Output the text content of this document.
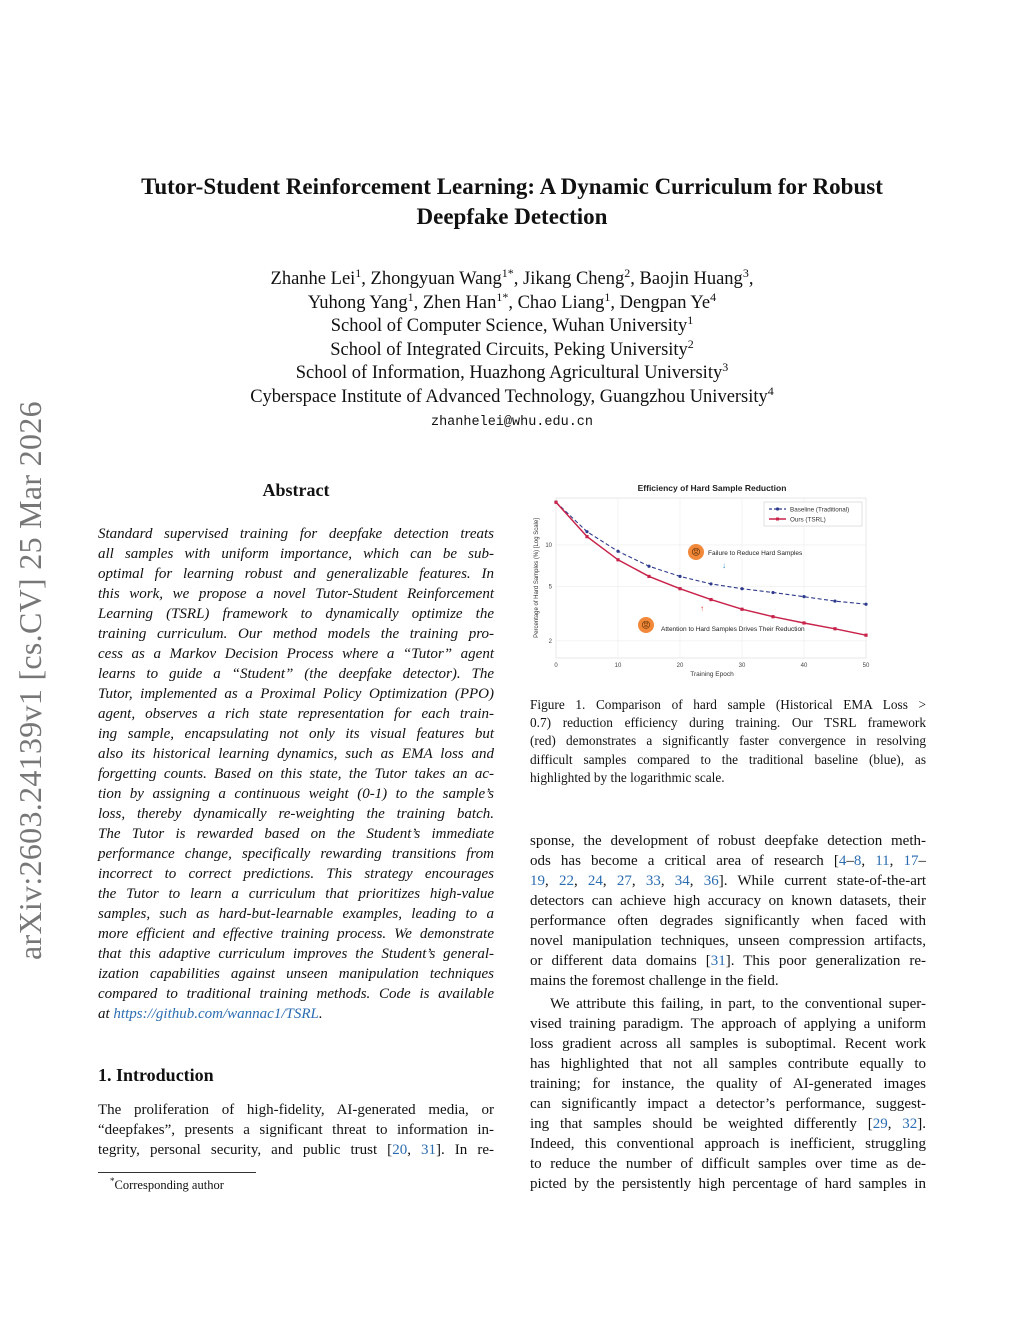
Tutor-Student Reinforcement Learning: A Dynamic Curriculum for Robust
Deepfake Detection
Zhanhe Lei$^1$, Zhongyuan Wang$^{1*}$, Jikang Cheng$^2$, Baojin Huang$^3$,
Yuhong Yang$^1$, Zhen Han$^{1*}$, Chao Liang$^1$, Dengpan Ye$^4$
School of Computer Science, Wuhan University$^1$
School of Integrated Circuits, Peking University$^2$
School of Information, Huazhong Agricultural University$^3$
Cyberspace Institute of Advanced Technology, Guangzhou University$^4$
zhanhelei@whu.edu.cn
arXiv:2603.24139v1 [cs.CV] 25 Mar 2026	Abstract
Standard supervised training for deepfake detection treats
all samples with uniform importance, which can be sub-
optimal for learning robust and generalizable features. In
this work, we propose a novel Tutor-Student Reinforcement
Learning (TSRL) framework to dynamically optimize the
training curriculum. Our method models the training pro-
cess as a Markov Decision Process where a “Tutor” agent
learns to guide a “Student” (the deepfake detector). The
Tutor, implemented as a Proximal Policy Optimization (PPO)
agent, observes a rich state representation for each train-
ing sample, encapsulating not only its visual features but
also its historical learning dynamics, such as EMA loss and
forgetting counts. Based on this state, the Tutor takes an ac-
tion by assigning a continuous weight (0-1) to the sample’s
loss, thereby dynamically re-weighting the training batch.
The Tutor is rewarded based on the Student’s immediate
performance change, specifically rewarding transitions from
incorrect to correct predictions. This strategy encourages
the Tutor to learn a curriculum that prioritizes high-value
samples, such as hard-but-learnable examples, leading to a
more efficient and effective training process. We demonstrate
that this adaptive curriculum improves the Student’s general-
ization capabilities against unseen manipulation techniques
compared to traditional training methods. Code is available
at https://github.com/wannac1/TSRL.
1. Introduction
The proliferation of high-fidelity, AI-generated media, or
“deepfakes”, presents a significant threat to information in-
tegrity, personal security, and public trust [20, 31]. In re-
*Corresponding author
Efficiency of Hard Sample Reduction
0	10	20	30	40	50
2
5
10
Training Epoch
Percentage of Hard Samples (%) [Log Scale]
Baseline (Traditional)
Ours (TSRL)
😡 Failure to Reduce Hard Samples
↓
↑
😡 Attention to Hard Samples Drives Their Reduction
Figure 1. Comparison of hard sample (Historical EMA Loss >
0.7) reduction efficiency during training. Our TSRL framework
(red) demonstrates a significantly faster convergence in resolving
difficult samples compared to the traditional baseline (blue), as
highlighted by the logarithmic scale.
sponse, the development of robust deepfake detection meth-
ods has become a critical area of research [4–8, 11, 17–
19, 22, 24, 27, 33, 34, 36]. While current state-of-the-art
detectors can achieve high accuracy on known datasets, their
performance often degrades significantly when faced with
novel manipulation techniques, unseen compression artifacts,
or different data domains [31]. This poor generalization re-
mains the foremost challenge in the field.
We attribute this failing, in part, to the conventional super-
vised training paradigm. The approach of applying a uniform
loss gradient across all samples is suboptimal. Recent work
has highlighted that not all samples contribute equally to
training; for instance, the quality of AI-generated images
can significantly impact a detector’s performance, suggest-
ing that samples should be weighted differently [29, 32].
Indeed, this conventional approach is inefficient, struggling
to reduce the number of difficult samples over time as de-
picted by the persistently high percentage of hard samples in
